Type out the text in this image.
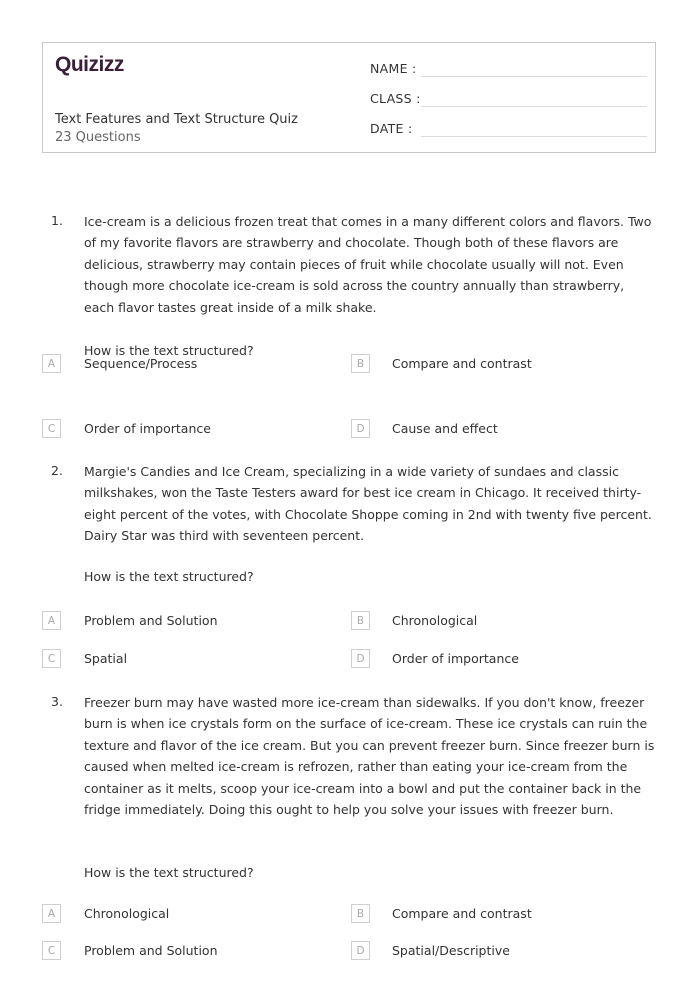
Quizizz
Text Features and Text Structure Quiz
23 Questions
NAME :
CLASS :
DATE :
1. Ice-cream is a delicious frozen treat that comes in a many different colors and flavors. Two of my favorite flavors are strawberry and chocolate. Though both of these flavors are delicious, strawberry may contain pieces of fruit while chocolate usually will not. Even though more chocolate ice-cream is sold across the country annually than strawberry, each flavor tastes great inside of a milk shake.
How is the text structured?
A	Sequence/Process	B	Compare and contrast
C	Order of importance	D	Cause and effect
2. Margie's Candies and Ice Cream, specializing in a wide variety of sundaes and classic milkshakes, won the Taste Testers award for best ice cream in Chicago. It received thirty-eight percent of the votes, with Chocolate Shoppe coming in 2nd with twenty five percent. Dairy Star was third with seventeen percent.
How is the text structured?
A	Problem and Solution	B	Chronological
C	Spatial	D	Order of importance
3. Freezer burn may have wasted more ice-cream than sidewalks. If you don't know, freezer burn is when ice crystals form on the surface of ice-cream. These ice crystals can ruin the texture and flavor of the ice cream. But you can prevent freezer burn. Since freezer burn is caused when melted ice-cream is refrozen, rather than eating your ice-cream from the container as it melts, scoop your ice-cream into a bowl and put the container back in the fridge immediately. Doing this ought to help you solve your issues with freezer burn.
How is the text structured?
A	Chronological	B	Compare and contrast
C	Problem and Solution	D	Spatial/Descriptive
